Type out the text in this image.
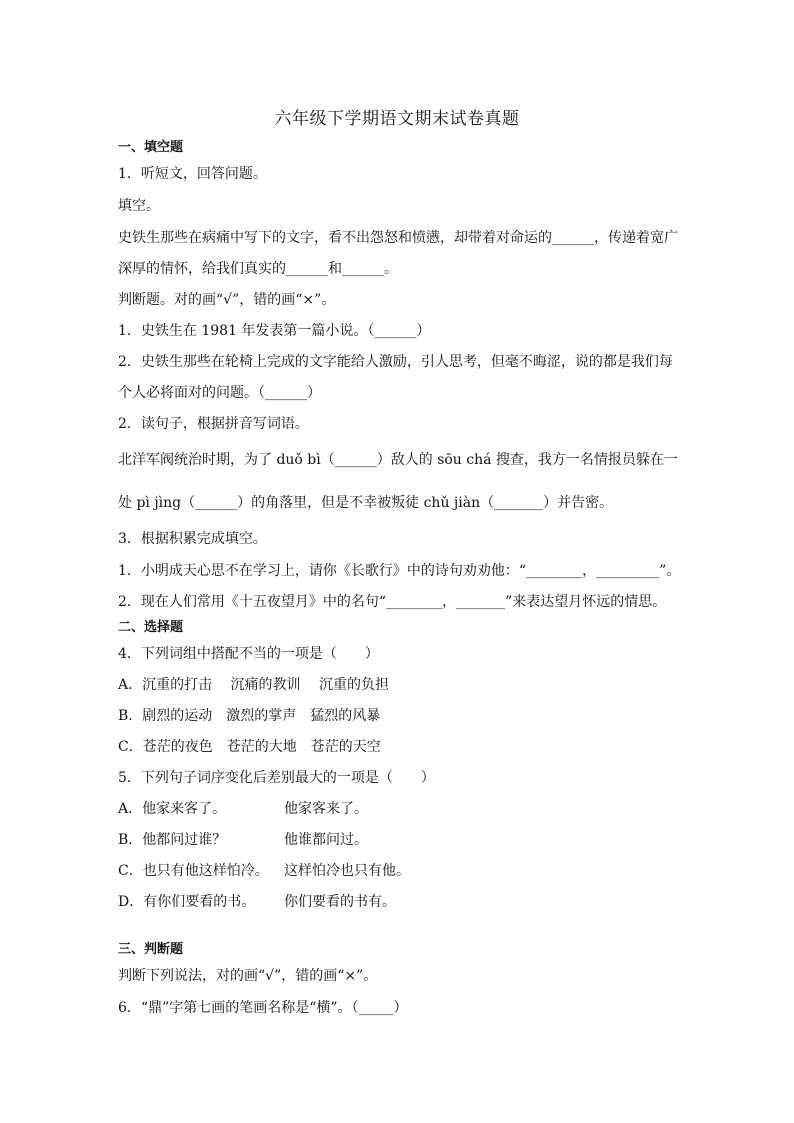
六年级下学期语文期末试卷真题
一、填空题
1．听短文，回答问题。
填空。
史铁生那些在病痛中写下的文字，看不出怨怒和愤懑，却带着对命运的______，传递着宽广
深厚的情怀，给我们真实的______和______。
判断题。对的画“√”，错的画“×”。
1．史铁生在 1981 年发表第一篇小说。（______）
2．史铁生那些在轮椅上完成的文字能给人激励，引人思考，但毫不晦涩，说的都是我们每
个人必将面对的问题。（______）
2．读句子，根据拼音写词语。
北洋军阀统治时期，为了 duǒ bì（______）敌人的 sōu chá 搜查，我方一名情报员躲在一
处 pì jìng（______）的角落里，但是不幸被叛徒 chǔ jiàn（_______）并告密。
3．根据积累完成填空。
1．小明成天心思不在学习上，请你《长歌行》中的诗句劝劝他：“________，_________”。
2．现在人们常用《十五夜望月》中的名句“________，_______”来表达望月怀远的情思。
二、选择题
4．下列词组中搭配不当的一项是（　　）
A．沉重的打击　 沉痛的教训　 沉重的负担
B．剧烈的运动　激烈的掌声　猛烈的风暴
C．苍茫的夜色　苍茫的大地　苍茫的天空
5．下列句子词序变化后差别最大的一项是（　　）
A．他家来客了。	他家客来了。
B．他都问过谁？	他谁都问过。
C．也只有他这样怕冷。 这样怕冷也只有他。
D．有你们要看的书。 你们要看的书有。
三、判断题
判断下列说法，对的画“√”，错的画“×”。
6．“鼎”字第七画的笔画名称是“横”。（_____）
